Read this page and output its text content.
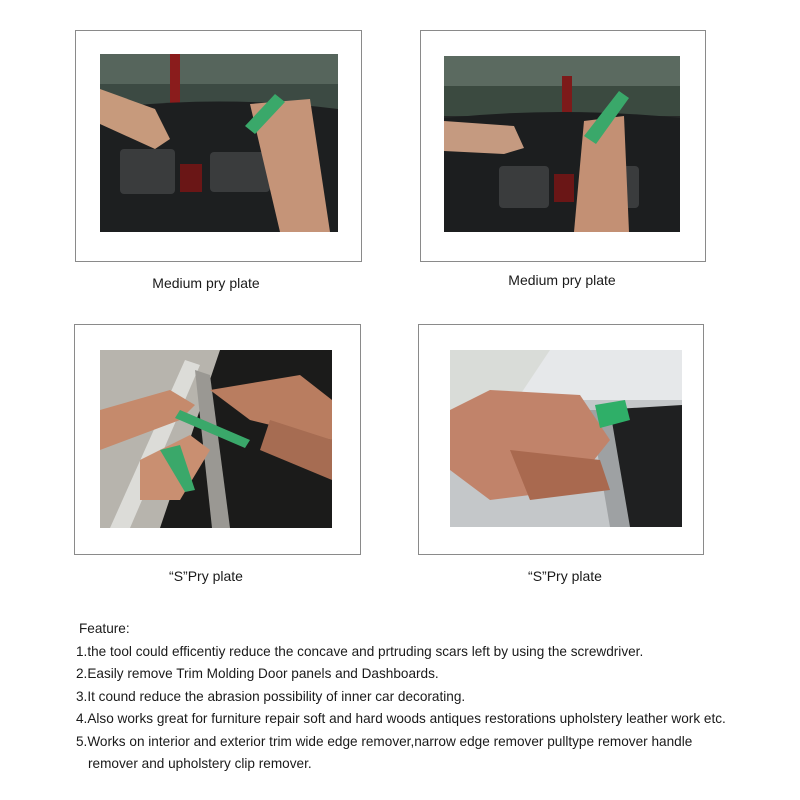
Medium pry plate	Medium pry plate
“S”Pry plate	“S”Pry plate
Feature:
1.the tool could efficentiy reduce the concave and prtruding scars left by using the screwdriver.
2.Easily remove Trim Molding Door panels and Dashboards.
3.It cound reduce the abrasion possibility of inner car decorating.
4.Also works great for furniture repair soft and hard woods antiques restorations upholstery leather work etc.
5.Works on interior and exterior trim wide edge remover,narrow edge remover pulltype remover handle
remover and upholstery clip remover.
